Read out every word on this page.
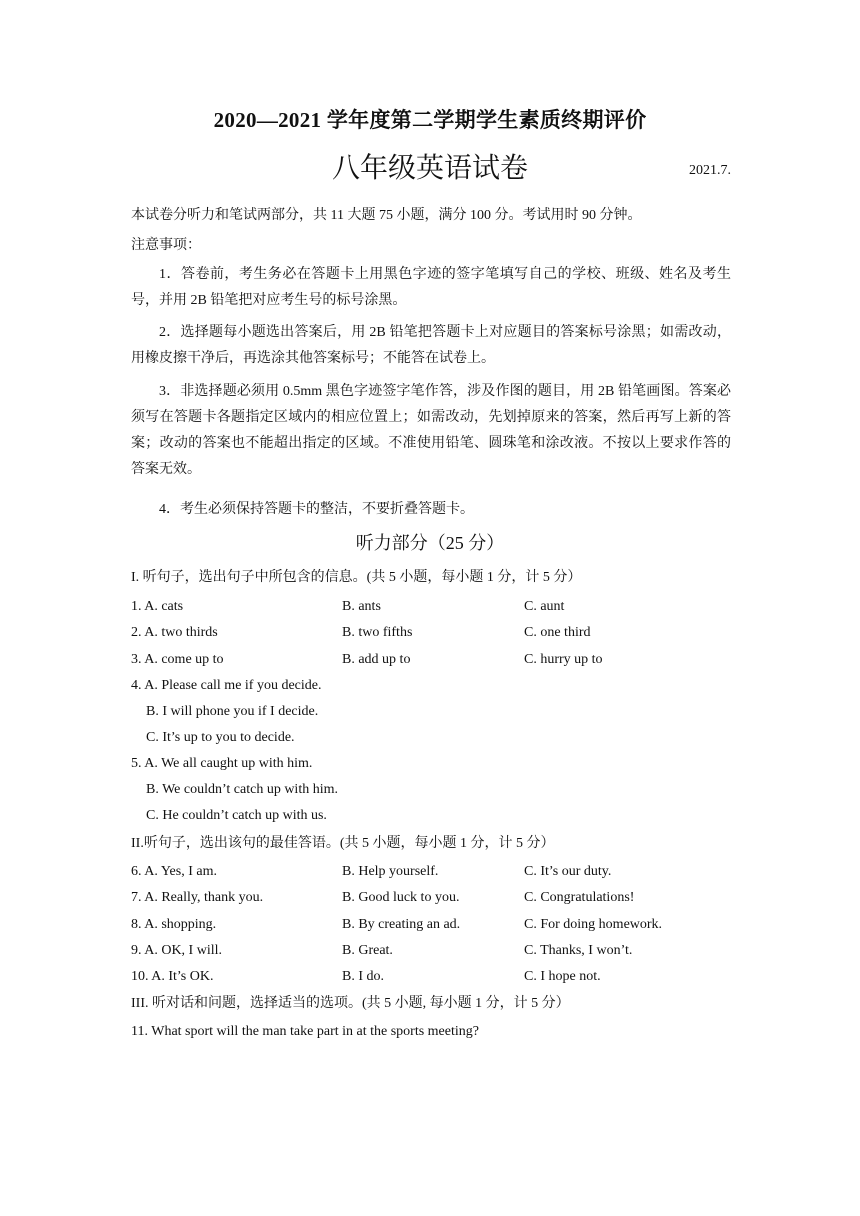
2020—2021 学年度第二学期学生素质终期评价
八年级英语试卷	2021.7.
本试卷分听力和笔试两部分，共 11 大题 75 小题，满分 100 分。考试用时 90 分钟。
注意事项：
1．答卷前，考生务必在答题卡上用黑色字迹的签字笔填写自己的学校、班级、姓名及考生号，并用 2B 铅笔把对应考生号的标号涂黑。
2．选择题每小题选出答案后，用 2B 铅笔把答题卡上对应题目的答案标号涂黑；如需改动，用橡皮擦干净后，再选涂其他答案标号；不能答在试卷上。
3．非选择题必须用 0.5mm 黑色字迹签字笔作答，涉及作图的题目，用 2B 铅笔画图。答案必须写在答题卡各题指定区域内的相应位置上；如需改动，先划掉原来的答案，然后再写上新的答案；改动的答案也不能超出指定的区域。不准使用铅笔、圆珠笔和涂改液。不按以上要求作答的答案无效。
4．考生必须保持答题卡的整洁，不要折叠答题卡。
听力部分（25 分）
I. 听句子，选出句子中所包含的信息。(共 5 小题，每小题 1 分，计 5 分）
1. A. cats	B. ants	C. aunt
2. A. two thirds	B. two fifths	C. one third
3. A. come up to	B. add up to	C. hurry up to
4. A. Please call me if you decide.
B. I will phone you if I decide.
C. It’s up to you to decide.
5. A. We all caught up with him.
B. We couldn’t catch up with him.
C. He couldn’t catch up with us.
II.听句子，选出该句的最佳答语。(共 5 小题，每小题 1 分，计 5 分）
6. A. Yes, I am.	B. Help yourself.	C. It’s our duty.
7. A. Really, thank you.	B. Good luck to you.	C. Congratulations!
8. A. shopping.	B. By creating an ad.	C. For doing homework.
9. A. OK, I will.	B. Great.	C. Thanks, I won’t.
10. A. It’s OK.	B. I do.	C. I hope not.
III. 听对话和问题，选择适当的选项。(共 5 小题, 每小题 1 分，计 5 分）
11. What sport will the man take part in at the sports meeting?
